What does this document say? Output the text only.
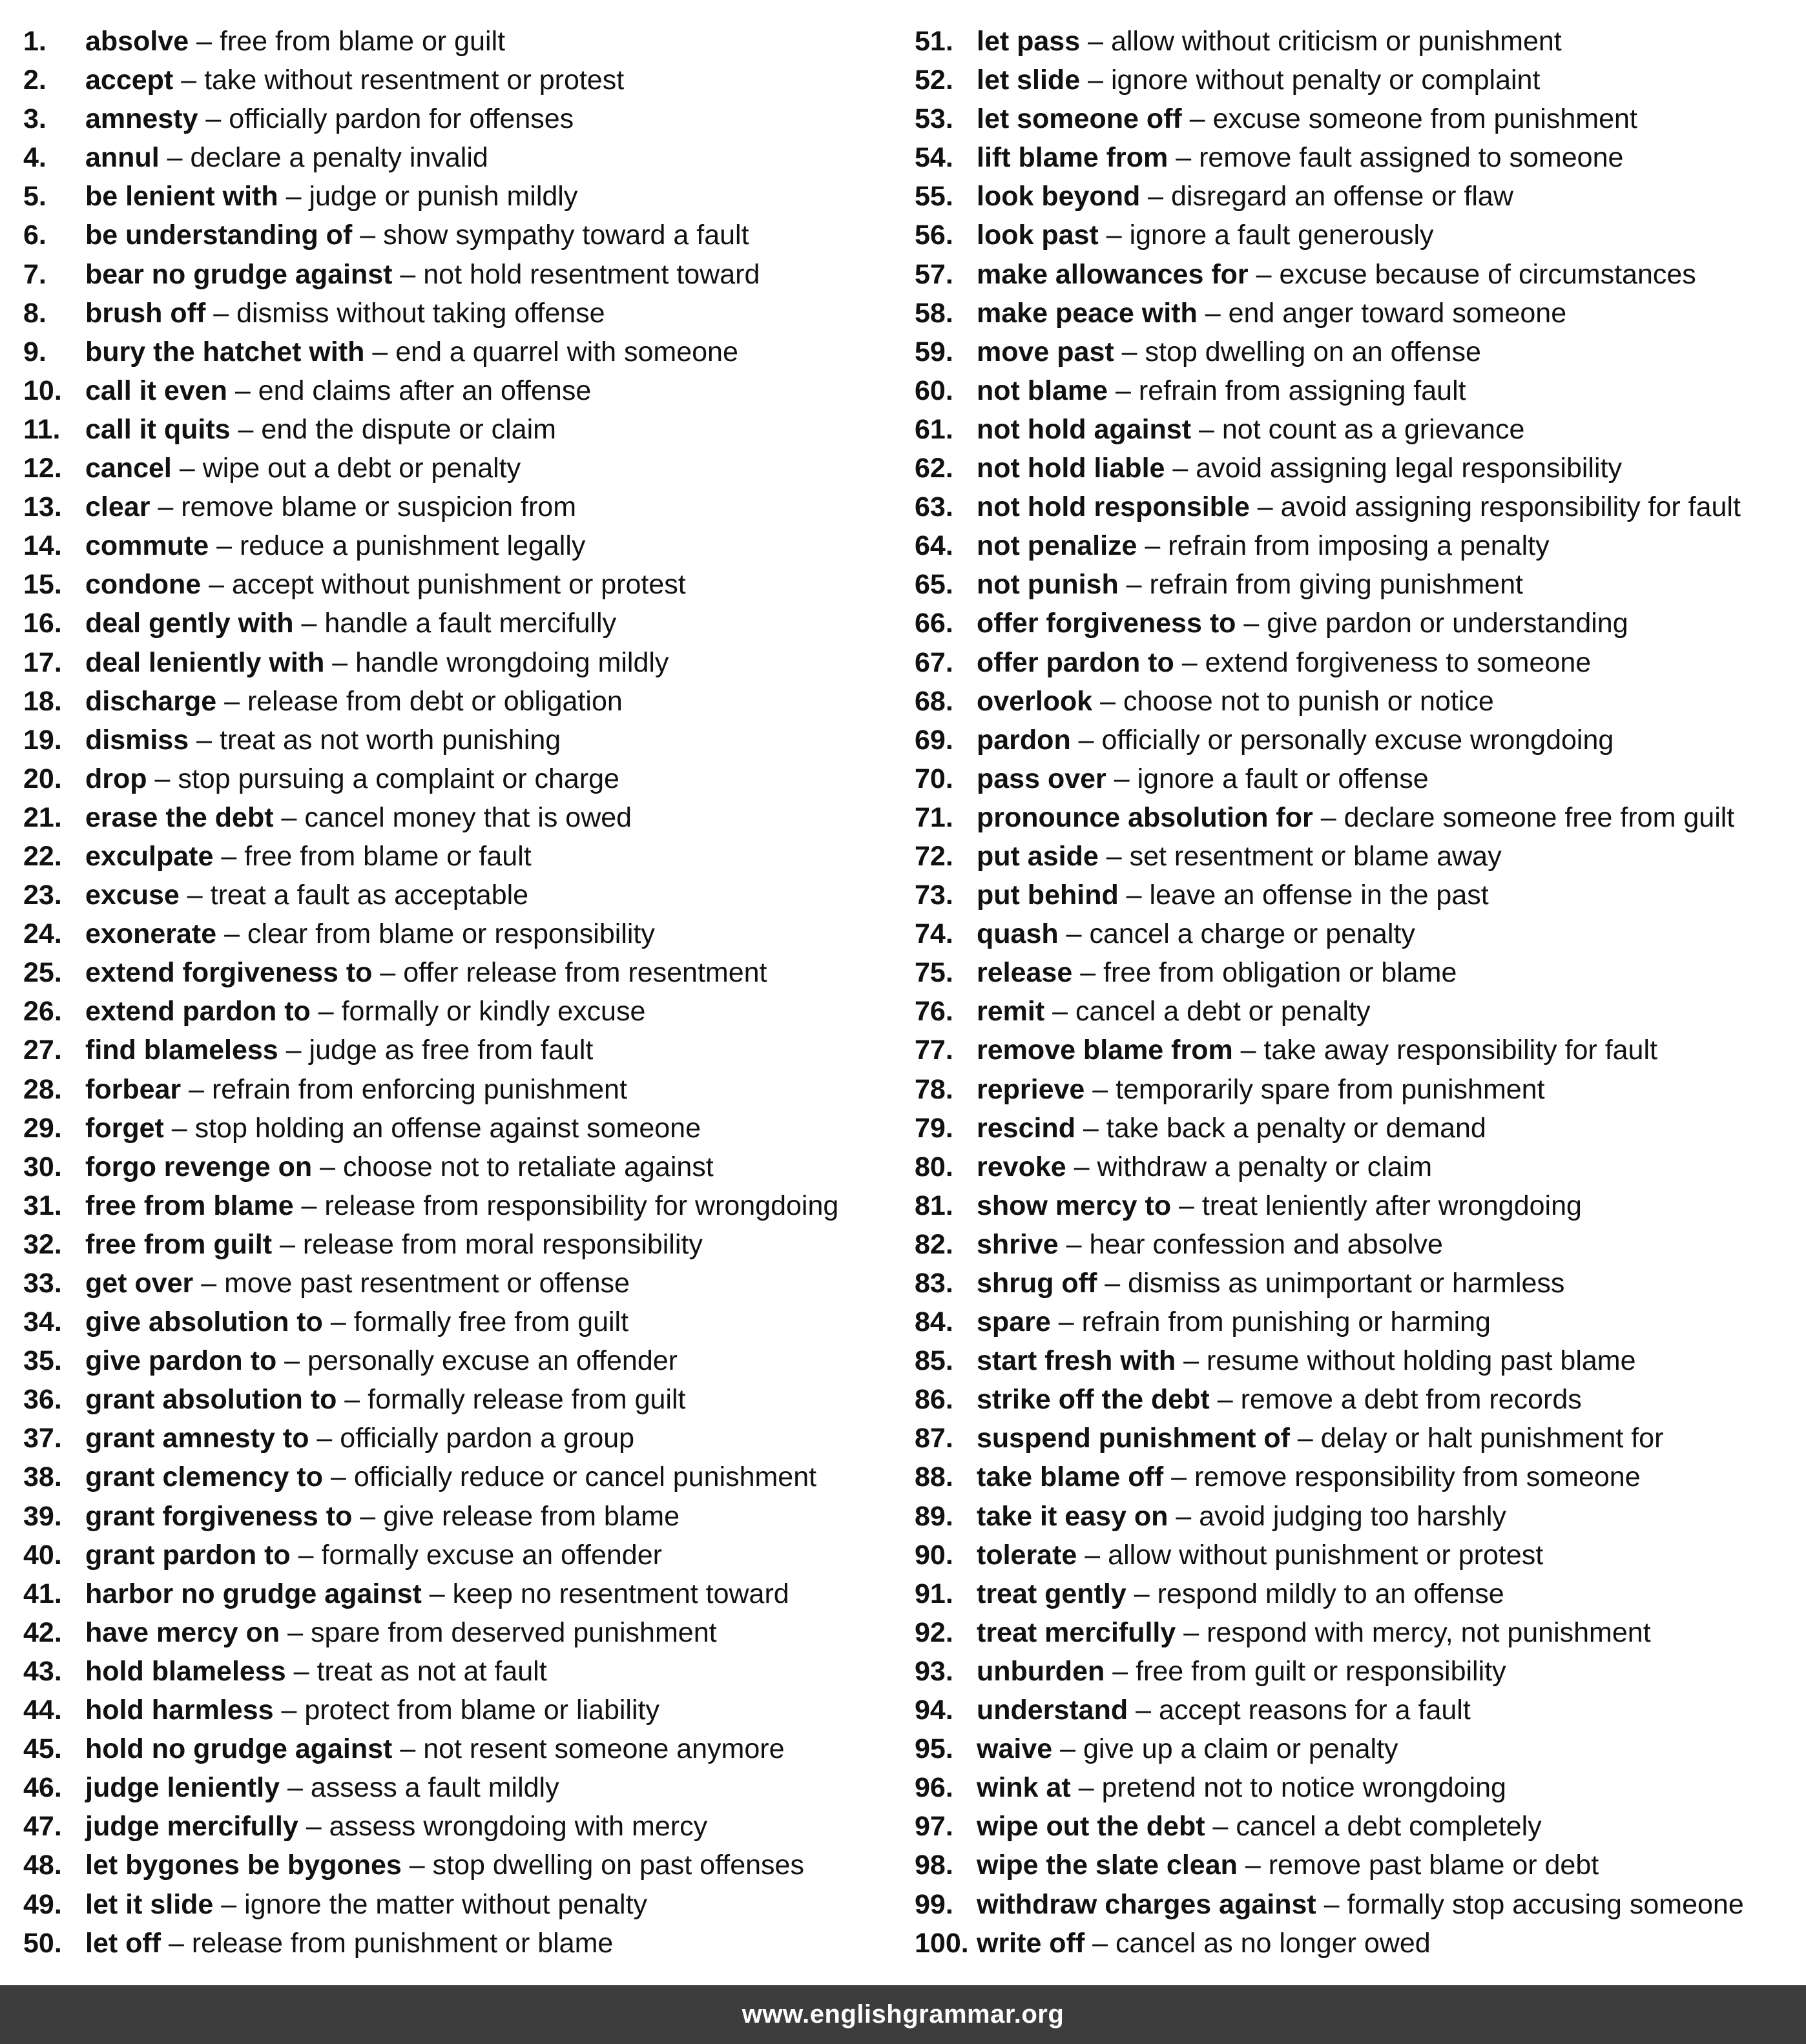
1.	absolve – free from blame or guilt
2.	accept – take without resentment or protest
3.	amnesty – officially pardon for offenses
4.	annul – declare a penalty invalid
5.	be lenient with – judge or punish mildly
6.	be understanding of – show sympathy toward a fault
7.	bear no grudge against – not hold resentment toward
8.	brush off – dismiss without taking offense
9.	bury the hatchet with – end a quarrel with someone
10. call it even – end claims after an offense
11. call it quits – end the dispute or claim
12. cancel – wipe out a debt or penalty
13. clear – remove blame or suspicion from
14. commute – reduce a punishment legally
15. condone – accept without punishment or protest
16. deal gently with – handle a fault mercifully
17. deal leniently with – handle wrongdoing mildly
18. discharge – release from debt or obligation
19. dismiss – treat as not worth punishing
20. drop – stop pursuing a complaint or charge
21. erase the debt – cancel money that is owed
22. exculpate – free from blame or fault
23. excuse – treat a fault as acceptable
24. exonerate – clear from blame or responsibility
25. extend forgiveness to – offer release from resentment
26. extend pardon to – formally or kindly excuse
27. find blameless – judge as free from fault
28. forbear – refrain from enforcing punishment
29. forget – stop holding an offense against someone
30. forgo revenge on – choose not to retaliate against
31. free from blame – release from responsibility for wrongdoing
32. free from guilt – release from moral responsibility
33. get over – move past resentment or offense
34. give absolution to – formally free from guilt
35. give pardon to – personally excuse an offender
36. grant absolution to – formally release from guilt
37. grant amnesty to – officially pardon a group
38. grant clemency to – officially reduce or cancel punishment
39. grant forgiveness to – give release from blame
40. grant pardon to – formally excuse an offender
41. harbor no grudge against – keep no resentment toward
42. have mercy on – spare from deserved punishment
43. hold blameless – treat as not at fault
44. hold harmless – protect from blame or liability
45. hold no grudge against – not resent someone anymore
46. judge leniently – assess a fault mildly
47. judge mercifully – assess wrongdoing with mercy
48. let bygones be bygones – stop dwelling on past offenses
49. let it slide – ignore the matter without penalty
50. let off – release from punishment or blame
51. let pass – allow without criticism or punishment
52. let slide – ignore without penalty or complaint
53. let someone off – excuse someone from punishment
54. lift blame from – remove fault assigned to someone
55. look beyond – disregard an offense or flaw
56. look past – ignore a fault generously
57. make allowances for – excuse because of circumstances
58. make peace with – end anger toward someone
59. move past – stop dwelling on an offense
60. not blame – refrain from assigning fault
61. not hold against – not count as a grievance
62. not hold liable – avoid assigning legal responsibility
63. not hold responsible – avoid assigning responsibility for fault
64. not penalize – refrain from imposing a penalty
65. not punish – refrain from giving punishment
66. offer forgiveness to – give pardon or understanding
67. offer pardon to – extend forgiveness to someone
68. overlook – choose not to punish or notice
69. pardon – officially or personally excuse wrongdoing
70. pass over – ignore a fault or offense
71. pronounce absolution for – declare someone free from guilt
72. put aside – set resentment or blame away
73. put behind – leave an offense in the past
74. quash – cancel a charge or penalty
75. release – free from obligation or blame
76. remit – cancel a debt or penalty
77. remove blame from – take away responsibility for fault
78. reprieve – temporarily spare from punishment
79. rescind – take back a penalty or demand
80. revoke – withdraw a penalty or claim
81. show mercy to – treat leniently after wrongdoing
82. shrive – hear confession and absolve
83. shrug off – dismiss as unimportant or harmless
84. spare – refrain from punishing or harming
85. start fresh with – resume without holding past blame
86. strike off the debt – remove a debt from records
87. suspend punishment of – delay or halt punishment for
88. take blame off – remove responsibility from someone
89. take it easy on – avoid judging too harshly
90. tolerate – allow without punishment or protest
91. treat gently – respond mildly to an offense
92. treat mercifully – respond with mercy, not punishment
93. unburden – free from guilt or responsibility
94. understand – accept reasons for a fault
95. waive – give up a claim or penalty
96. wink at – pretend not to notice wrongdoing
97. wipe out the debt – cancel a debt completely
98. wipe the slate clean – remove past blame or debt
99. withdraw charges against – formally stop accusing someone
100. write off – cancel as no longer owed
www.englishgrammar.org
